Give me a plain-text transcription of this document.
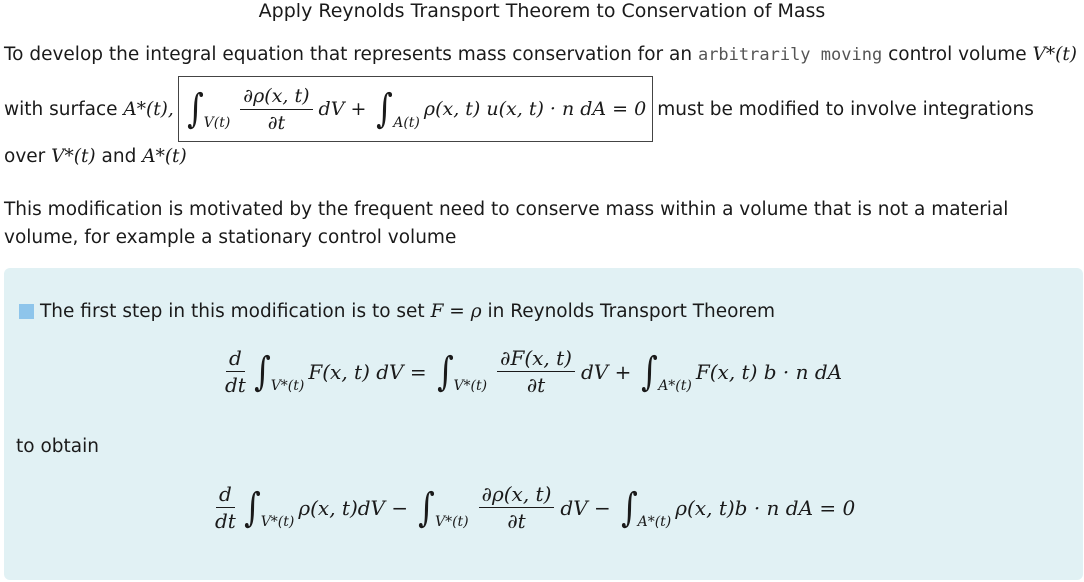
Apply Reynolds Transport Theorem to Conservation of Mass
To develop the integral equation that represents mass conservation for an arbitrarily moving control volume V*(t)
with surface
A*(t), ∫ $V(t) \frac{\partial\rho(x, t)}{\partial t}$ dV + ∫ A(t)
ρ(x, t) u(x, t) · n dA = 0 must be modified to involve integrations
over V*(t) and A*(t)
This modification is motivated by the frequent need to conserve mass within a volume that is not a material volume, for example a stationary control volume
The first step in this modification is to set
F = ρ
in Reynolds Transport Theorem
$\frac{d}{dt}$ ∫ V*(t)
F(x, t) dV = ∫ $V*(t) \frac{\partial F(x, t)}{\partial t}$ dV + ∫ A*(t)
F(x, t) b · n dA
to obtain
$\frac{d}{dt}$ ∫ V*(t)
ρ(x, t)dV − ∫ $V*(t) \frac{\partial\rho(x, t)}{\partial t}$ dV − ∫ A*(t)
ρ(x, t)b · n dA = 0
